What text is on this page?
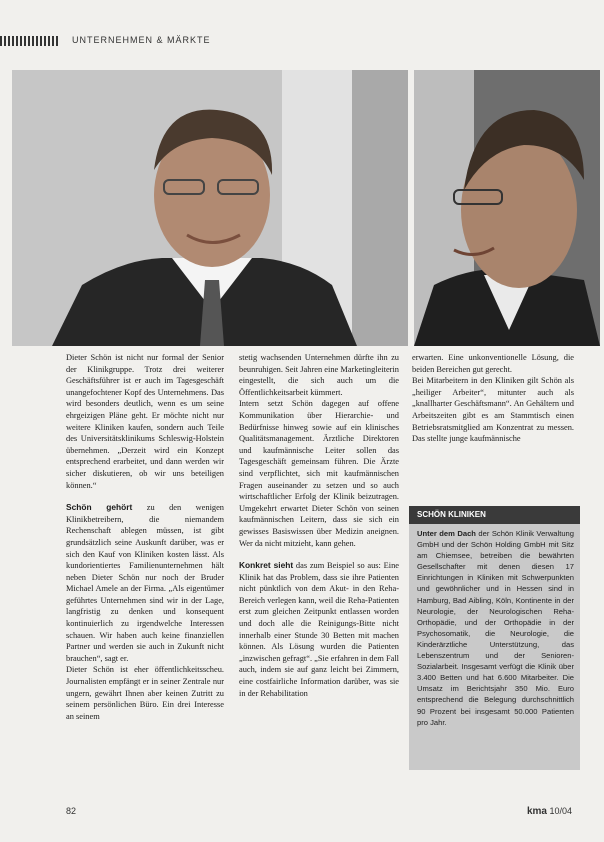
UNTERNEHMEN & MÄRKTE

Dieter Schön ist nicht nur formal der Senior der Klinikgruppe. Trotz drei weiterer Geschäftsführer ist er auch im Tagesgeschäft unangefochtener Kopf des Unternehmens. Das wird besonders deutlich, wenn es um seine ehrgeizigen Pläne geht. Er möchte nicht nur weitere Kliniken kaufen, sondern auch Teile des Universitätsklinikums Schleswig-Holstein übernehmen. „Derzeit wird ein Konzept entsprechend erarbeitet, und dann werden wir sicher diskutieren, ob wir uns beteiligen können.“

Schön gehört zu den wenigen Klinikbetreibern, die niemandem Rechenschaft ablegen müssen, ist gibt grundsätzlich seine Auskunft darüber, was er sich den Kauf von Kliniken kosten lässt. Als kundorientiertes Familienunternehmen hält neben Dieter Schön nur noch der Bruder Michael Amele an der Firma. „Als eigentümer geführtes Unternehmen sind wir in der Lage, langfristig zu denken und konsequent kontinuierlich zu irgendwelche Interessen schauen. Wir haben auch keine finanziellen Partner und werden sie auch in Zukunft nicht brauchen“, sagt er.

Dieter Schön ist eher öffentlichkeitsscheu. Journalisten empfängt er in seiner Zentrale nur ungern, gewährt Ihnen aber keinen Zutritt zu seinem persönlichen Büro. Ein drei Interesse an seinem

stetig wachsenden Unternehmen dürfte ihn zu beunruhigen. Seit Jahren eine Marketingleiterin eingestellt, die sich auch um die Öffentlichkeitsarbeit kümmert.

Intern setzt Schön dagegen auf offene Kommunikation über Hierarchie- und Bedürfnisse hinweg sowie auf ein klinisches Qualitätsmanagement. Ärztliche Direktoren und kaufmännische Leiter sollen das Tagesgeschäft gemeinsam führen. Die Ärzte sind verpflichtet, sich mit kaufmännischen Fragen auseinander zu setzen und so auch wirtschaftlicher Erfolg der Klinik beizutragen. Umgekehrt erwartet Dieter Schön von seinen kaufmännischen Leitern, dass sie sich ein gewisses Basiswissen über Medizin aneignen. Wer da nicht mitzieht, kann gehen.

Konkret sieht das zum Beispiel so aus: Eine Klinik hat das Problem, dass sie ihre Patienten nicht pünktlich von dem Akut- in den Reha-Bereich verlegen kann, weil die Reha-Patienten erst zum gleichen Zeitpunkt entlassen worden und doch alle die Reinigungs-Bitte nicht innerhalb einer Stunde 30 Betten mit machen können. Als Lösung wurden die Patienten „inzwischen gefragt“. „Sie erfahren in dem Fall auch, indem sie auf ganz leicht bei Zimmern, eine costfairliche Information darüber, was sie in der Rehabilitation

erwarten. Eine unkonventionelle Lösung, die beiden Bereichen gut gerecht.

Bei Mitarbeitern in den Kliniken gilt Schön als „heiliger Arbeiter“, mitunter auch als „knallharter Geschäftsmann“. An Gehältern und Arbeitszeiten gibt es am Stammtisch einen Betriebsratsmitglied am Konzentrat zu messen. Das stellte junge kaufmännische

SCHÖN KLINIKEN
Unter dem Dach der Schön Klinik Verwaltung GmbH und der Schön Holding GmbH mit Sitz am Chiemsee, betreiben die bewährten Gesellschafter mit denen diesen 17 Einrichtungen in Kliniken mit Schwerpunkten und gewöhnlicher und in Hessen sind in Hamburg, Bad Aibling, Köln, Kontinente in der Neurologie, der Neurologischen Reha-Orthopädie, und der Orthopädie in der Psychosomatik, die Neurologie, die Kinderärztliche Unterstützung, das Lebenszentrum und der Senioren-Sozialarbeit. Insgesamt verfügt die Klinik über 3.400 Betten und hat 6.600 Mitarbeiter. Die Umsatz im Berichtsjahr 350 Mio. Euro entsprechend die Belegung durchschnittlich 90 Prozent bei insgesamt 50.000 Patienten pro Jahr.
82	kma 10/04
